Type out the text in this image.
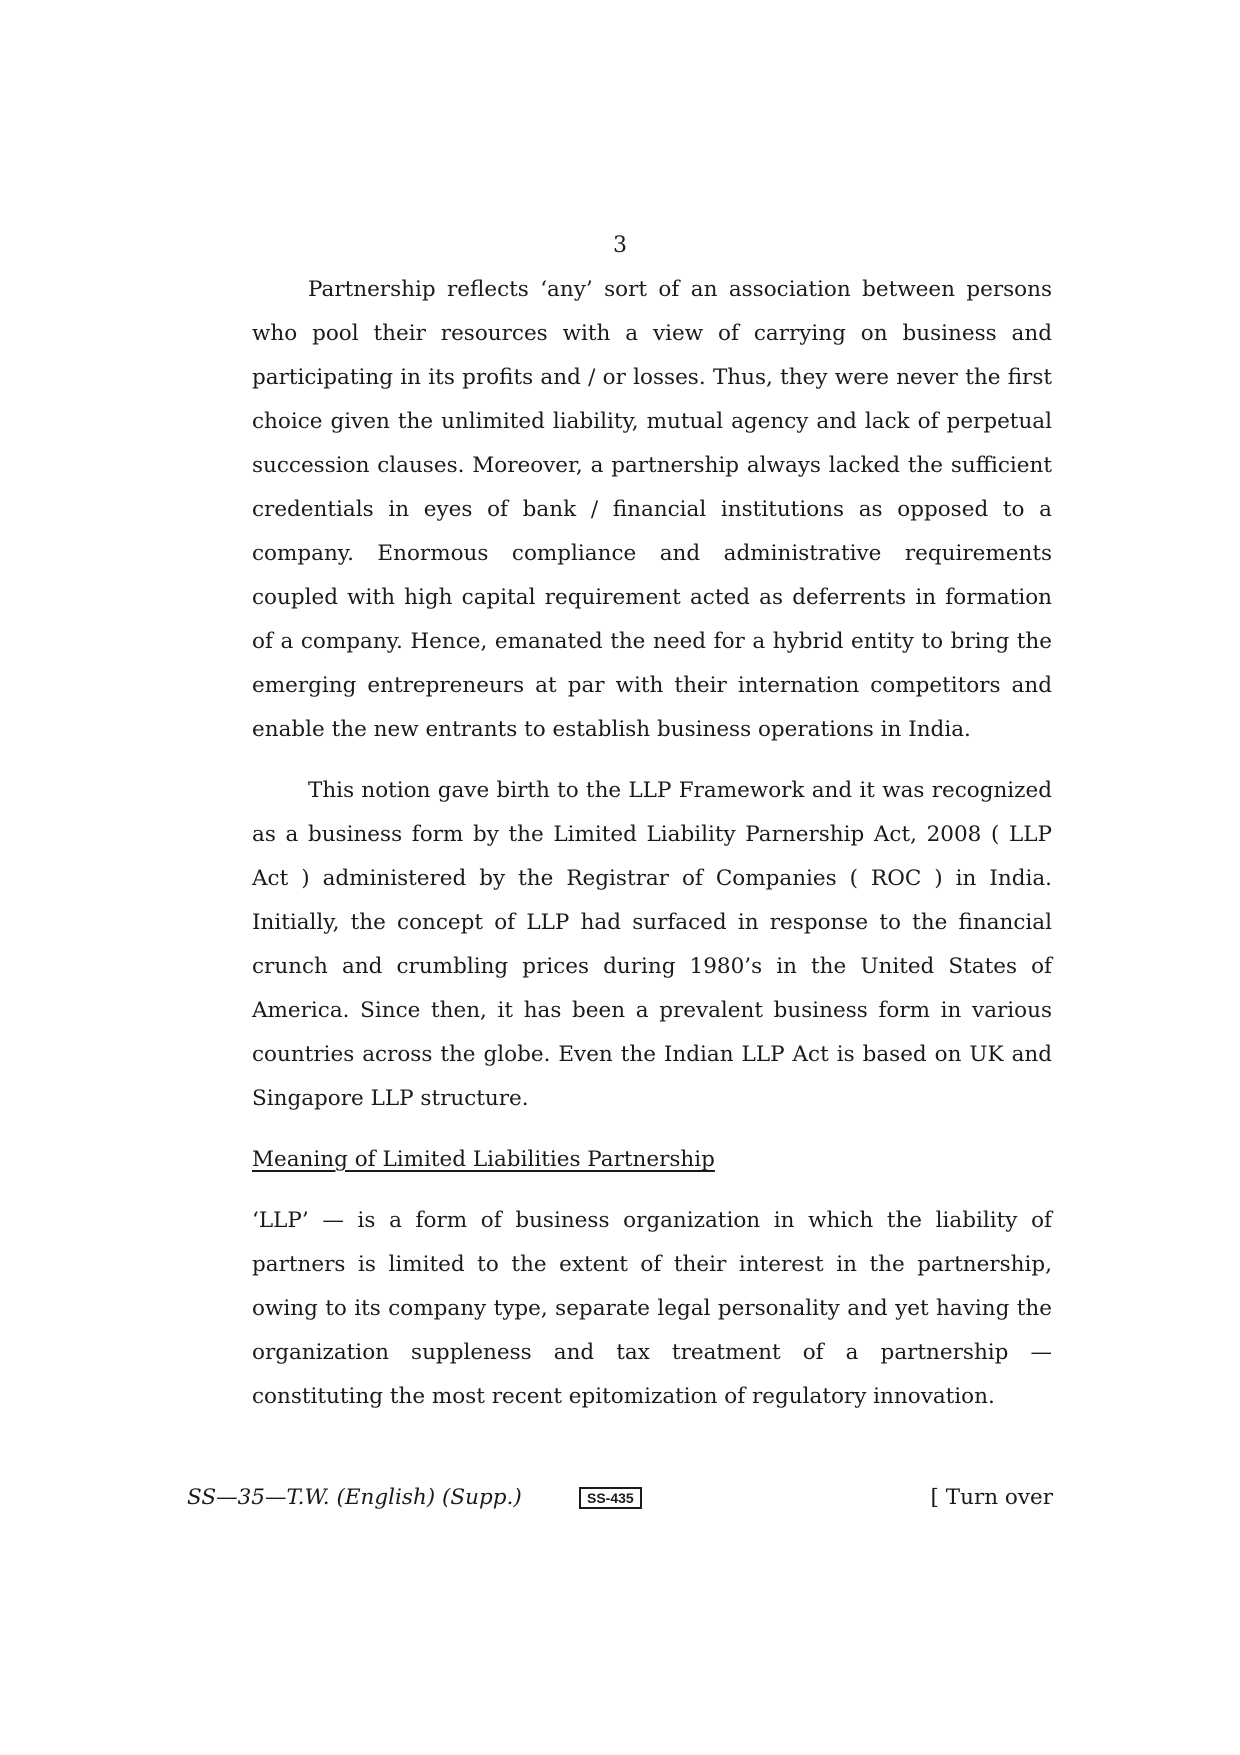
3

Partnership reflects ‘any’ sort of an association between persons who pool their resources with a view of carrying on business and participating in its profits and / or losses. Thus, they were never the first choice given the unlimited liability, mutual agency and lack of perpetual succession clauses. Moreover, a partnership always lacked the sufficient credentials in eyes of bank / financial institutions as opposed to a company. Enormous compliance and administrative requirements coupled with high capital requirement acted as deferrents in formation of a company. Hence, emanated the need for a hybrid entity to bring the emerging entrepreneurs at par with their internation competitors and enable the new entrants to establish business operations in India.

This notion gave birth to the LLP Framework and it was recognized as a business form by the Limited Liability Parnership Act, 2008 ( LLP Act ) administered by the Registrar of Companies ( ROC ) in India. Initially, the concept of LLP had surfaced in response to the financial crunch and crumbling prices during 1980’s in the United States of America. Since then, it has been a prevalent business form in various countries across the globe. Even the Indian LLP Act is based on UK and Singapore LLP structure.

Meaning of Limited Liabilities Partnership

‘LLP’ — is a form of business organization in which the liability of partners is limited to the extent of their interest in the partnership, owing to its company type, separate legal personality and yet having the organization suppleness and tax treatment of a partnership — constituting the most recent epitomization of regulatory innovation.

SS—35—T.W. (English) (Supp.)	SS-435	[ Turn over
